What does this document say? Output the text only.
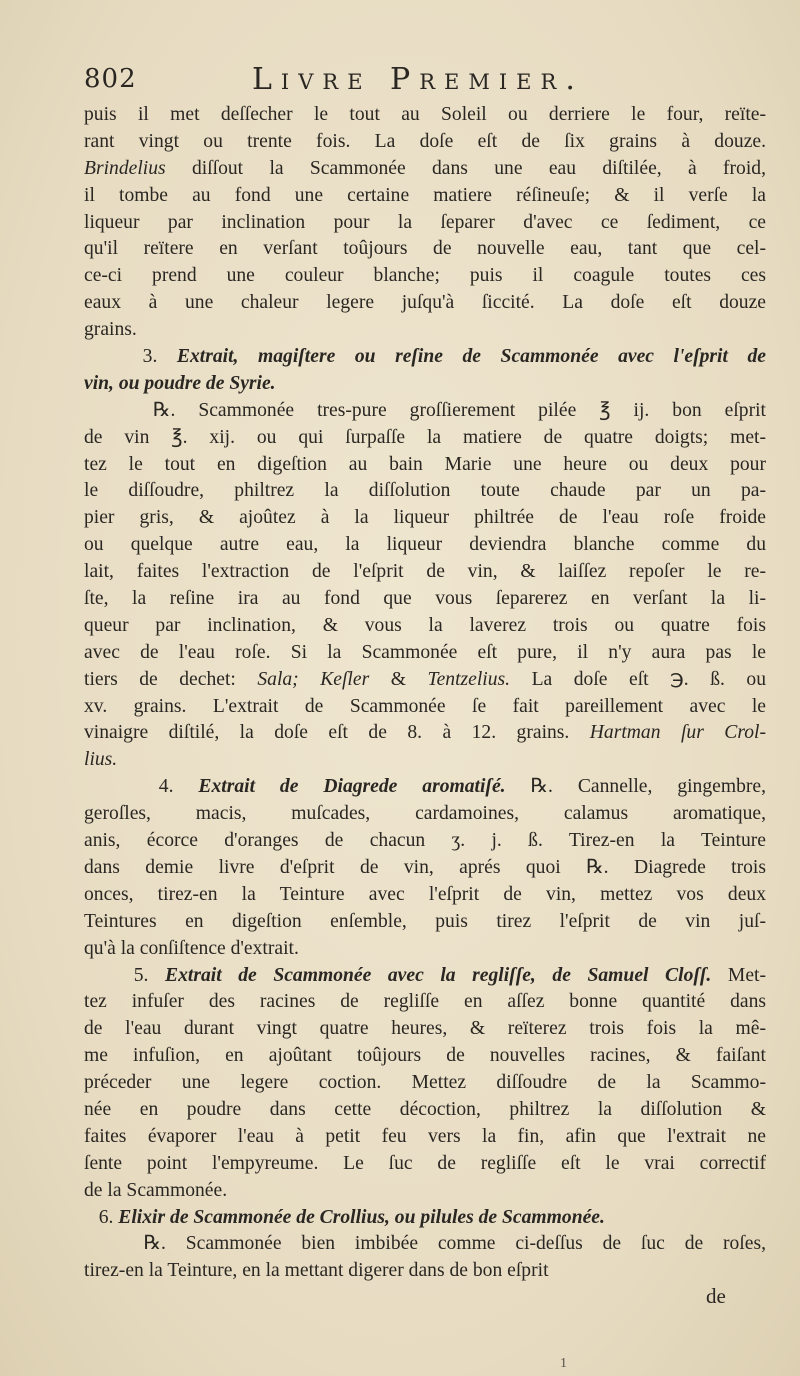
802	Livre Premier.
puis il met deſſecher le tout au Soleil ou derriere le four, reïte-
rant vingt ou trente fois. La doſe eſt de ſix grains à douze.
Brindelius diſſout la Scammonée dans une eau diſtilée, à froid,
il tombe au fond une certaine matiere réſineuſe; & il verſe la
liqueur par inclination pour la ſeparer d'avec ce ſediment, ce
qu'il reïtere en verſant toûjours de nouvelle eau, tant que cel-
ce-ci prend une couleur blanche; puis il coagule toutes ces
eaux à une chaleur legere juſqu'à ſiccité. La doſe eſt douze
grains.
3. Extrait, magiſtere ou reſine de Scammonée avec l'eſprit de
vin, ou poudre de Syrie.
℞. Scammonée tres-pure groſſierement pilée ℥ ij. bon eſprit
de vin ℥. xij. ou qui ſurpaſſe la matiere de quatre doigts; met-
tez le tout en digeſtion au bain Marie une heure ou deux pour
le diſſoudre, philtrez la diſſolution toute chaude par un pa-
pier gris, & ajoûtez à la liqueur philtrée de l'eau roſe froide
ou quelque autre eau, la liqueur deviendra blanche comme du
lait, faites l'extraction de l'eſprit de vin, & laiſſez repoſer le re-
ſte, la reſine ira au fond que vous ſeparerez en verſant la li-
queur par inclination, & vous la laverez trois ou quatre fois
avec de l'eau roſe. Si la Scammonée eſt pure, il n'y aura pas le
tiers de dechet: Sala; Keſler & Tentzelius. La doſe eſt ℈. ß. ou
xv. grains. L'extrait de Scammonée ſe fait pareillement avec le
vinaigre diſtilé, la doſe eſt de 8. à 12. grains. Hartman ſur Crol-
lius.
4. Extrait de Diagrede aromatiſé. ℞. Cannelle, gingembre,
geroſles, macis, muſcades, cardamoines, calamus aromatique,
anis, écorce d'oranges de chacun ʒ. j. ß. Tirez-en la Teinture
dans demie livre d'eſprit de vin, aprés quoi ℞. Diagrede trois
onces, tirez-en la Teinture avec l'eſprit de vin, mettez vos deux
Teintures en digeſtion enſemble, puis tirez l'eſprit de vin juſ-
qu'à la conſiſtence d'extrait.
5. Extrait de Scammonée avec la regliſſe, de Samuel Cloſſ. Met-
tez infuſer des racines de regliſſe en aſſez bonne quantité dans
de l'eau durant vingt quatre heures, & reïterez trois fois la mê-
me infuſion, en ajoûtant toûjours de nouvelles racines, & faiſant
préceder une legere coction. Mettez diſſoudre de la Scammo-
née en poudre dans cette décoction, philtrez la diſſolution &
faites évaporer l'eau à petit feu vers la fin, afin que l'extrait ne
ſente point l'empyreume. Le ſuc de regliſſe eſt le vrai correctif
de la Scammonée.
6. Elixir de Scammonée de Crollius, ou pilules de Scammonée.
℞. Scammonée bien imbibée comme ci-deſſus de ſuc de roſes,
tirez-en la Teinture, en la mettant digerer dans de bon eſprit
de
1
